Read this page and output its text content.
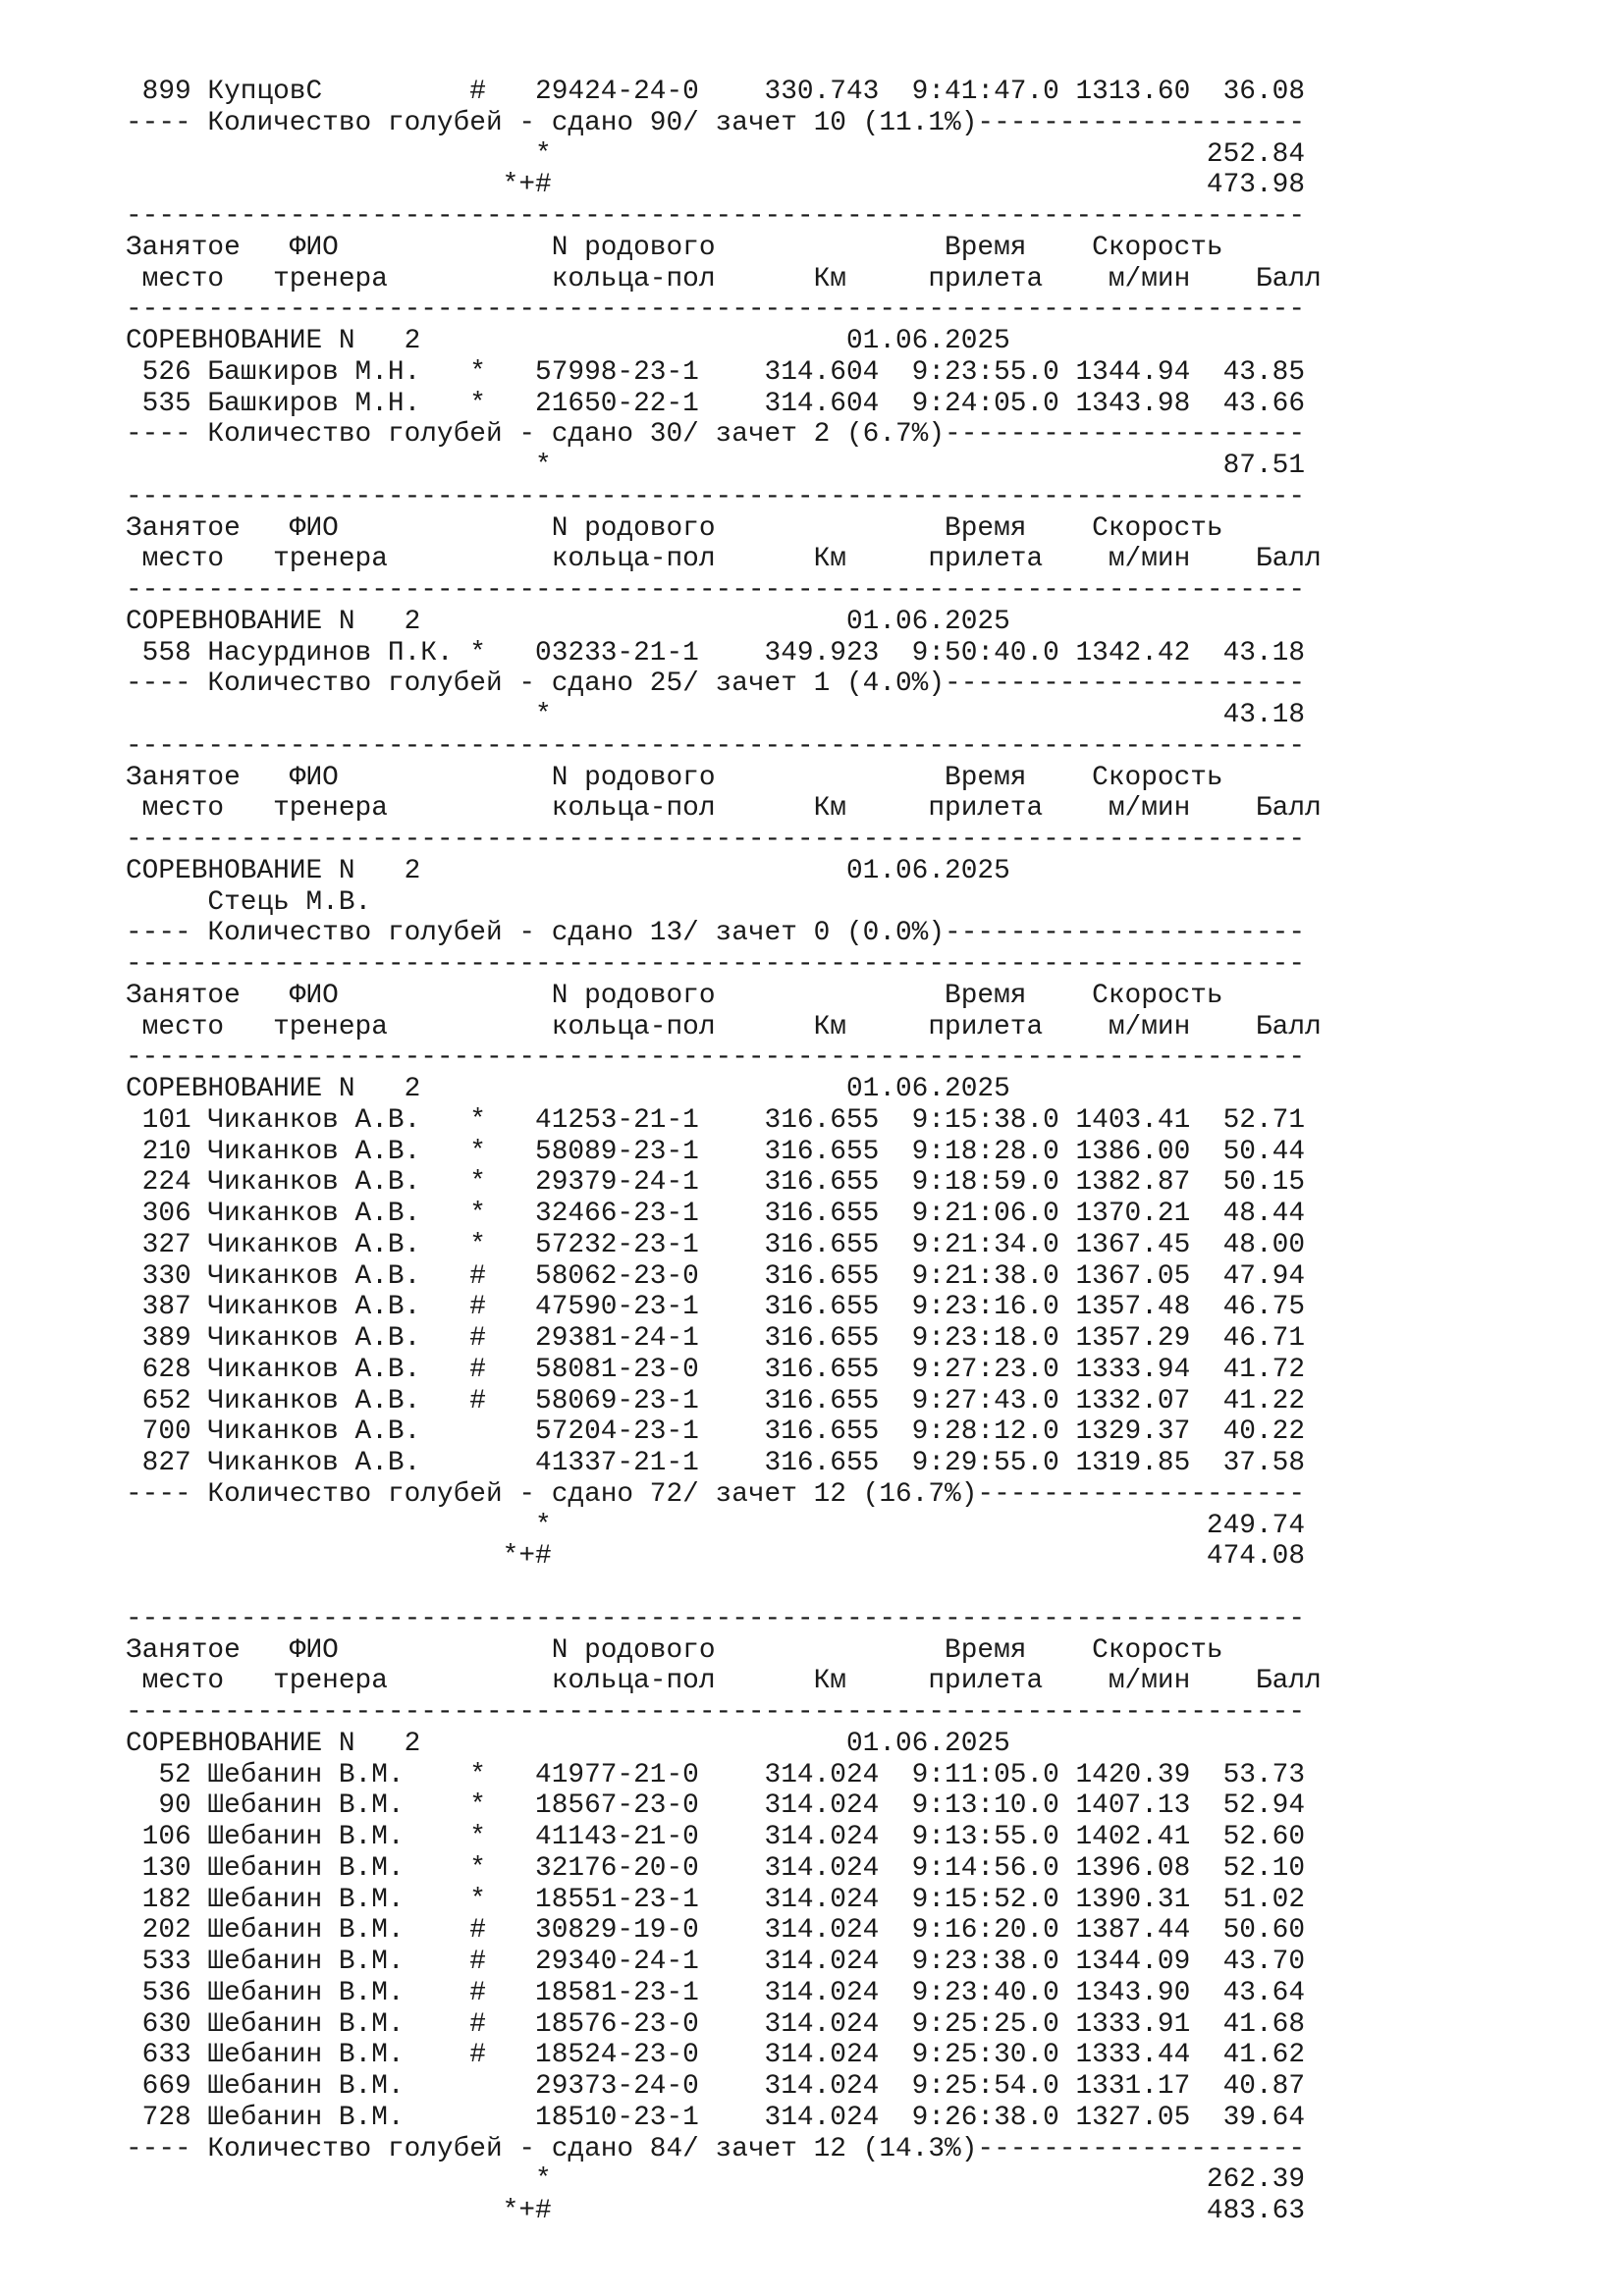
899 КупцовС         #   29424-24-0    330.743  9:41:47.0 1313.60  36.08
---- Количество голубей - сдано 90/ зачет 10 (11.1%)--------------------
*                                        252.84
*+#                                        473.98
------------------------------------------------------------------------
Занятое   ФИО             N родового              Время    Скорость
место   тренера          кольца-пол      Км     прилета    м/мин    Балл
------------------------------------------------------------------------
СОРЕВНОВАНИЕ N   2                          01.06.2025
526 Башкиров М.Н.   *   57998-23-1    314.604  9:23:55.0 1344.94  43.85
535 Башкиров М.Н.   *   21650-22-1    314.604  9:24:05.0 1343.98  43.66
---- Количество голубей - сдано 30/ зачет 2 (6.7%)----------------------
*                                         87.51
------------------------------------------------------------------------
Занятое   ФИО             N родового              Время    Скорость
место   тренера          кольца-пол      Км     прилета    м/мин    Балл
------------------------------------------------------------------------
СОРЕВНОВАНИЕ N   2                          01.06.2025
558 Насурдинов П.К. *   03233-21-1    349.923  9:50:40.0 1342.42  43.18
---- Количество голубей - сдано 25/ зачет 1 (4.0%)----------------------
*                                         43.18
------------------------------------------------------------------------
Занятое   ФИО             N родового              Время    Скорость
место   тренера          кольца-пол      Км     прилета    м/мин    Балл
------------------------------------------------------------------------
СОРЕВНОВАНИЕ N   2                          01.06.2025
Стець М.В.
---- Количество голубей - сдано 13/ зачет 0 (0.0%)----------------------
------------------------------------------------------------------------
Занятое   ФИО             N родового              Время    Скорость
место   тренера          кольца-пол      Км     прилета    м/мин    Балл
------------------------------------------------------------------------
СОРЕВНОВАНИЕ N   2                          01.06.2025
101 Чиканков А.В.   *   41253-21-1    316.655  9:15:38.0 1403.41  52.71
210 Чиканков А.В.   *   58089-23-1    316.655  9:18:28.0 1386.00  50.44
224 Чиканков А.В.   *   29379-24-1    316.655  9:18:59.0 1382.87  50.15
306 Чиканков А.В.   *   32466-23-1    316.655  9:21:06.0 1370.21  48.44
327 Чиканков А.В.   *   57232-23-1    316.655  9:21:34.0 1367.45  48.00
330 Чиканков А.В.   #   58062-23-0    316.655  9:21:38.0 1367.05  47.94
387 Чиканков А.В.   #   47590-23-1    316.655  9:23:16.0 1357.48  46.75
389 Чиканков А.В.   #   29381-24-1    316.655  9:23:18.0 1357.29  46.71
628 Чиканков А.В.   #   58081-23-0    316.655  9:27:23.0 1333.94  41.72
652 Чиканков А.В.   #   58069-23-1    316.655  9:27:43.0 1332.07  41.22
700 Чиканков А.В.       57204-23-1    316.655  9:28:12.0 1329.37  40.22
827 Чиканков А.В.       41337-21-1    316.655  9:29:55.0 1319.85  37.58
---- Количество голубей - сдано 72/ зачет 12 (16.7%)--------------------
*                                        249.74
*+#                                        474.08
------------------------------------------------------------------------
Занятое   ФИО             N родового              Время    Скорость
место   тренера          кольца-пол      Км     прилета    м/мин    Балл
------------------------------------------------------------------------
СОРЕВНОВАНИЕ N   2                          01.06.2025
52 Шебанин В.М.    *   41977-21-0    314.024  9:11:05.0 1420.39  53.73
90 Шебанин В.М.    *   18567-23-0    314.024  9:13:10.0 1407.13  52.94
106 Шебанин В.М.    *   41143-21-0    314.024  9:13:55.0 1402.41  52.60
130 Шебанин В.М.    *   32176-20-0    314.024  9:14:56.0 1396.08  52.10
182 Шебанин В.М.    *   18551-23-1    314.024  9:15:52.0 1390.31  51.02
202 Шебанин В.М.    #   30829-19-0    314.024  9:16:20.0 1387.44  50.60
533 Шебанин В.М.    #   29340-24-1    314.024  9:23:38.0 1344.09  43.70
536 Шебанин В.М.    #   18581-23-1    314.024  9:23:40.0 1343.90  43.64
630 Шебанин В.М.    #   18576-23-0    314.024  9:25:25.0 1333.91  41.68
633 Шебанин В.М.    #   18524-23-0    314.024  9:25:30.0 1333.44  41.62
669 Шебанин В.М.        29373-24-0    314.024  9:25:54.0 1331.17  40.87
728 Шебанин В.М.        18510-23-1    314.024  9:26:38.0 1327.05  39.64
---- Количество голубей - сдано 84/ зачет 12 (14.3%)--------------------
*                                        262.39
*+#                                        483.63
